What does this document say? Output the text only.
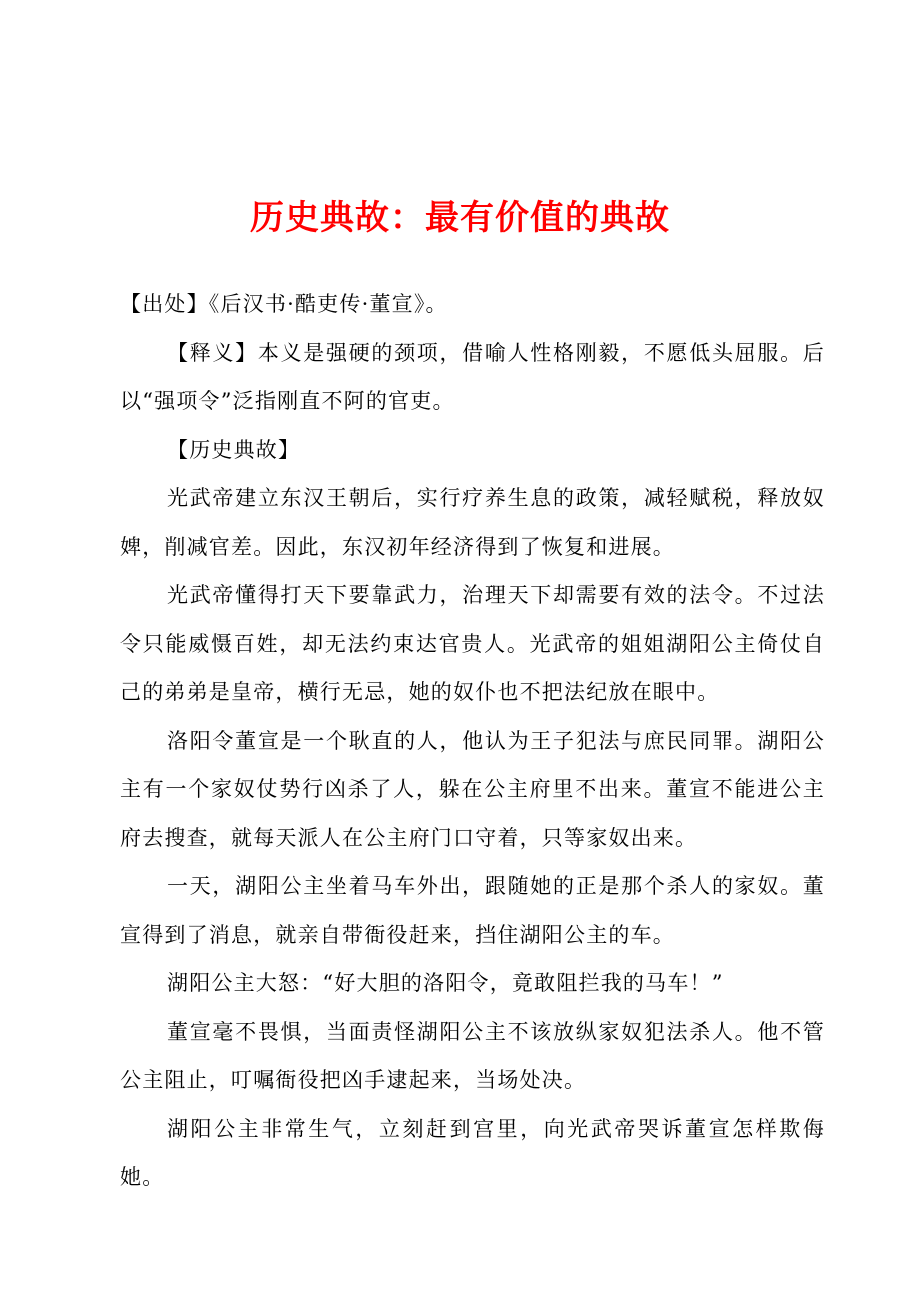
历史典故：最有价值的典故

【出处】《后汉书·酷吏传·董宣》。

【释义】本义是强硬的颈项，借喻人性格刚毅，不愿低头屈服。后以“强项令”泛指刚直不阿的官吏。

【历史典故】

光武帝建立东汉王朝后，实行疗养生息的政策，减轻赋税，释放奴婢，削减官差。因此，东汉初年经济得到了恢复和进展。

光武帝懂得打天下要靠武力，治理天下却需要有效的法令。不过法令只能威慑百姓，却无法约束达官贵人。光武帝的姐姐湖阳公主倚仗自己的弟弟是皇帝，横行无忌，她的奴仆也不把法纪放在眼中。

洛阳令董宣是一个耿直的人，他认为王子犯法与庶民同罪。湖阳公主有一个家奴仗势行凶杀了人，躲在公主府里不出来。董宣不能进公主府去搜查，就每天派人在公主府门口守着，只等家奴出来。

一天，湖阳公主坐着马车外出，跟随她的正是那个杀人的家奴。董宣得到了消息，就亲自带衙役赶来，挡住湖阳公主的车。

湖阳公主大怒：“好大胆的洛阳令，竟敢阻拦我的马车！”

董宣毫不畏惧，当面责怪湖阳公主不该放纵家奴犯法杀人。他不管公主阻止，叮嘱衙役把凶手逮起来，当场处决。

湖阳公主非常生气，立刻赶到宫里，向光武帝哭诉董宣怎样欺侮她。
